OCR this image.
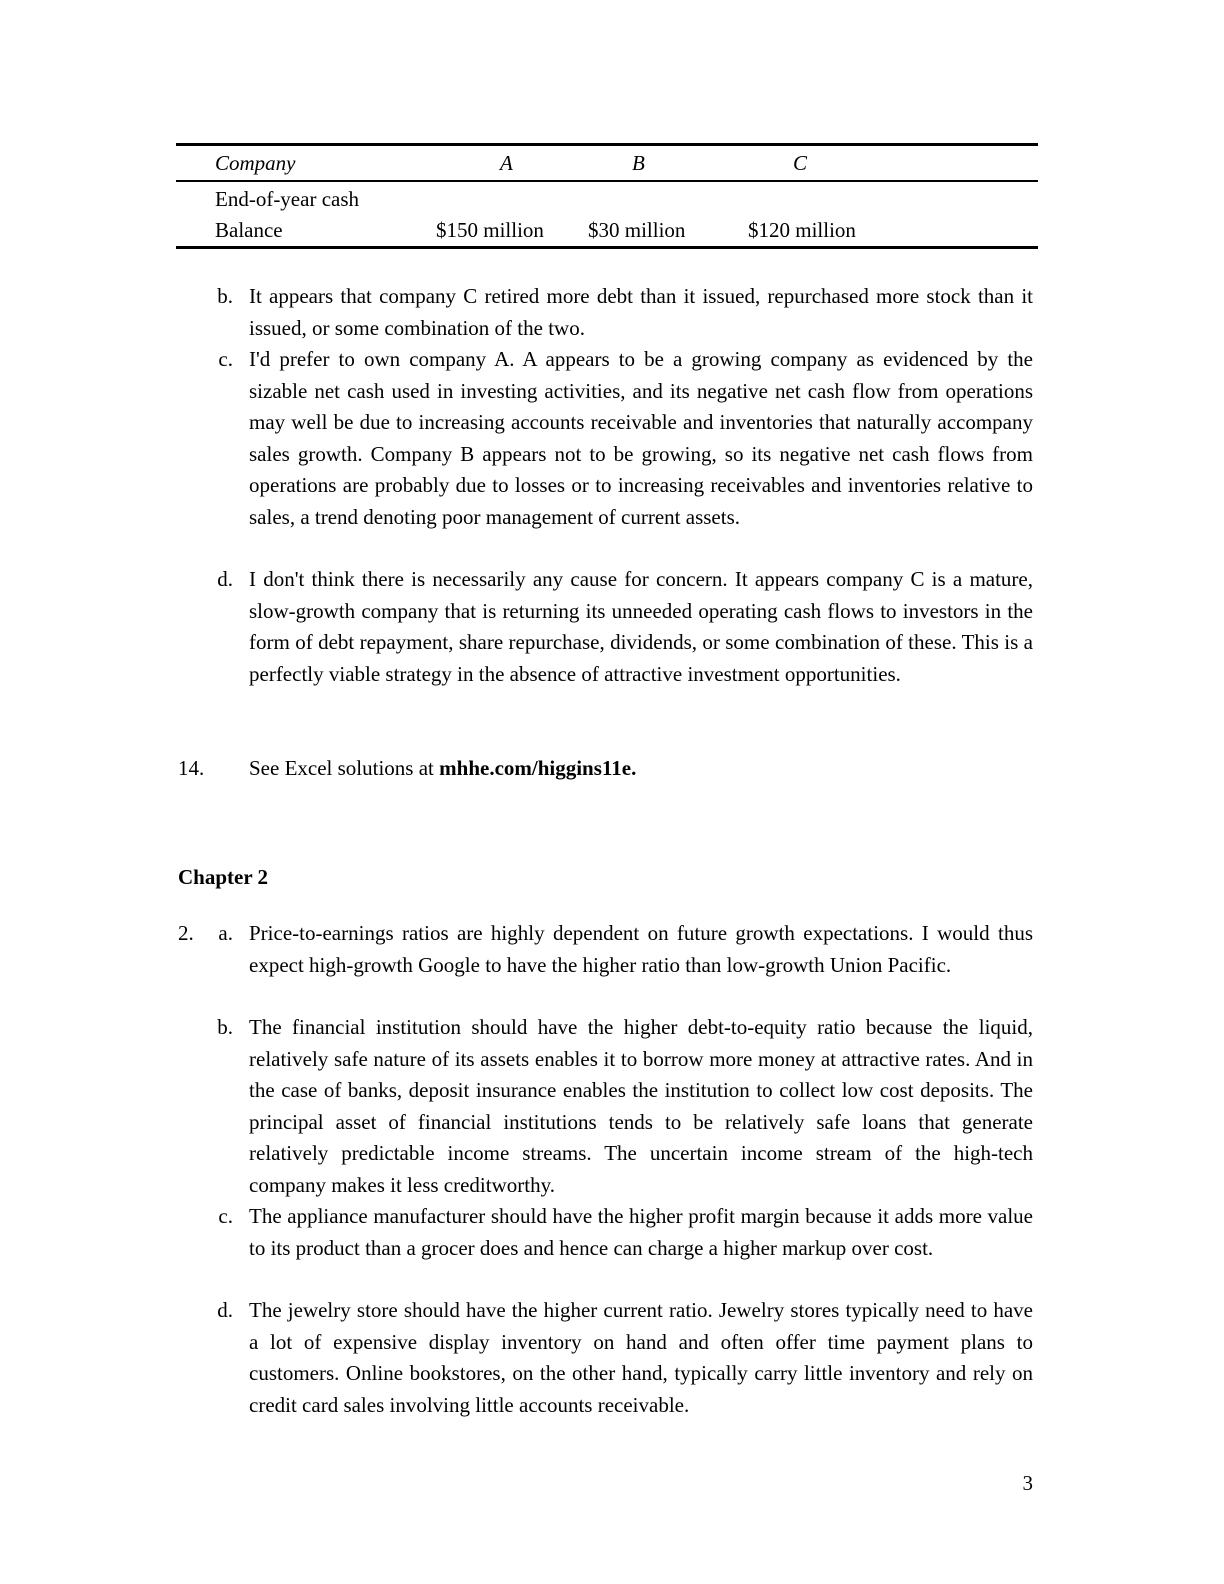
Company	A	B	C
End-of-year cash
Balance	$150 million $30 million	$120 million
b. It appears that company C retired more debt than it issued, repurchased more stock than it issued, or some combination of the two.
c. I'd prefer to own company A. A appears to be a growing company as evidenced by the sizable net cash used in investing activities, and its negative net cash flow from operations may well be due to increasing accounts receivable and inventories that naturally accompany sales growth. Company B appears not to be growing, so its negative net cash flows from operations are probably due to losses or to increasing receivables and inventories relative to sales, a trend denoting poor management of current assets.
d. I don't think there is necessarily any cause for concern. It appears company C is a mature, slow-growth company that is returning its unneeded operating cash flows to investors in the form of debt repayment, share repurchase, dividends, or some combination of these. This is a perfectly viable strategy in the absence of attractive investment opportunities.
14. See Excel solutions at mhhe.com/higgins11e.
Chapter 2
2.	a. Price-to-earnings ratios are highly dependent on future growth expectations. I would thus expect high-growth Google to have the higher ratio than low-growth Union Pacific.
b. The financial institution should have the higher debt-to-equity ratio because the liquid, relatively safe nature of its assets enables it to borrow more money at attractive rates. And in the case of banks, deposit insurance enables the institution to collect low cost deposits. The principal asset of financial institutions tends to be relatively safe loans that generate relatively predictable income streams. The uncertain income stream of the high-tech company makes it less creditworthy.
c. The appliance manufacturer should have the higher profit margin because it adds more value to its product than a grocer does and hence can charge a higher markup over cost.
d. The jewelry store should have the higher current ratio. Jewelry stores typically need to have a lot of expensive display inventory on hand and often offer time payment plans to customers. Online bookstores, on the other hand, typically carry little inventory and rely on credit card sales involving little accounts receivable.
3
